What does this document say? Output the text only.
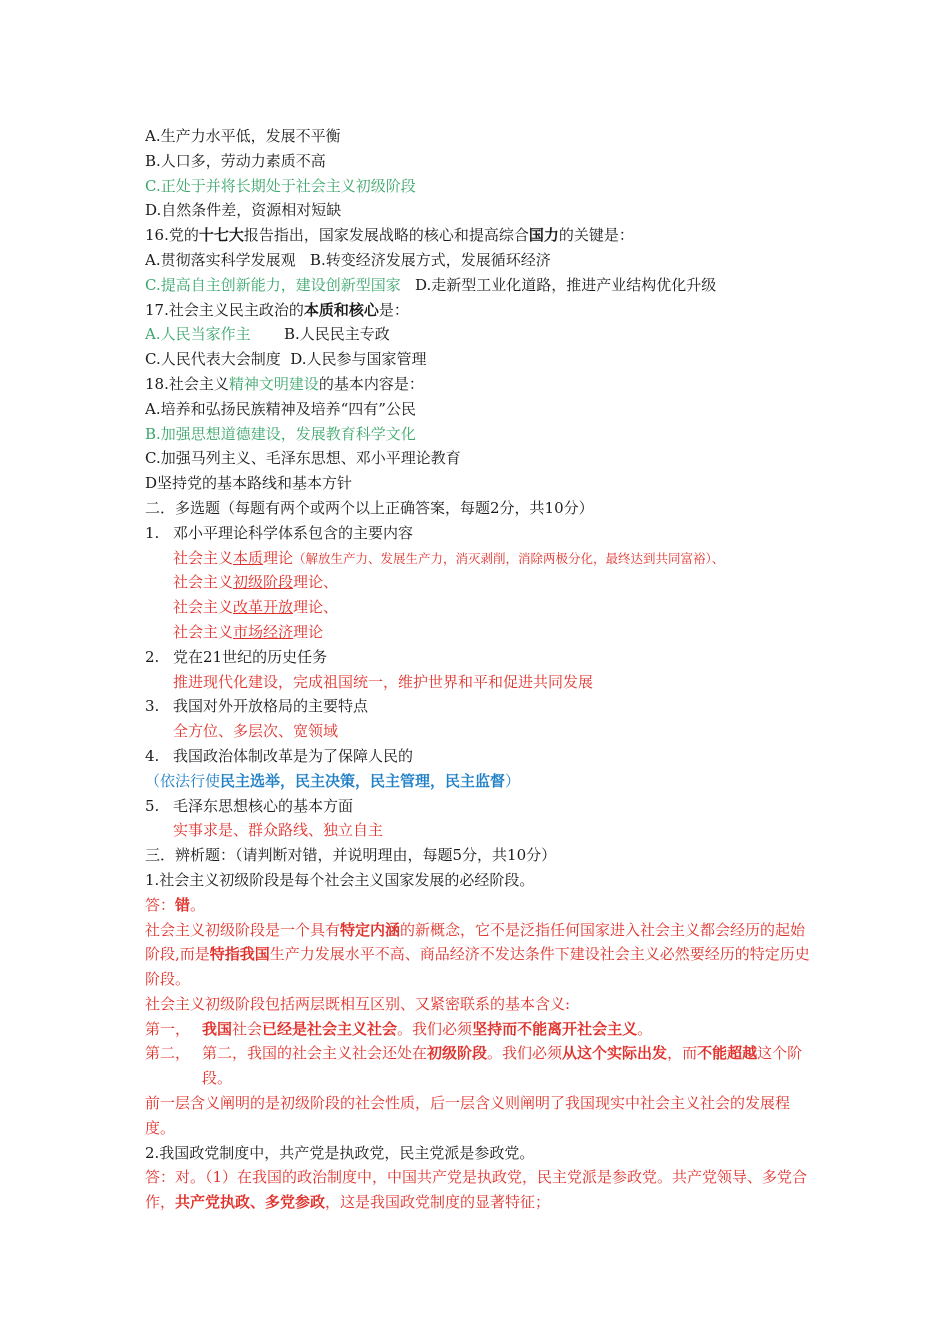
A.生产力水平低，发展不平衡
B.人口多，劳动力素质不高
C.正处于并将长期处于社会主义初级阶段
D.自然条件差，资源相对短缺
16.党的十七大报告指出，国家发展战略的核心和提高综合国力的关键是：
A.贯彻落实科学发展观 B.转变经济发展方式，发展循环经济
C.提高自主创新能力，建设创新型国家 D.走新型工业化道路，推进产业结构优化升级
17.社会主义民主政治的本质和核心是：
A.人民当家作主 B.人民民主专政
C.人民代表大会制度 D.人民参与国家管理
18.社会主义精神文明建设的基本内容是：
A.培养和弘扬民族精神及培养“四有”公民
B.加强思想道德建设，发展教育科学文化
C.加强马列主义、毛泽东思想、邓小平理论教育
D坚持党的基本路线和基本方针
二．多选题（每题有两个或两个以上正确答案，每题2分，共10分）
1. 邓小平理论科学体系包含的主要内容
社会主义本质理论（解放生产力、发展生产力，消灭剥削，消除两极分化，最终达到共同富裕）、
社会主义初级阶段理论、
社会主义改革开放理论、
社会主义市场经济理论
2. 党在21世纪的历史任务
推进现代化建设，完成祖国统一，维护世界和平和促进共同发展
3. 我国对外开放格局的主要特点
全方位、多层次、宽领域
4. 我国政治体制改革是为了保障人民的
（依法行使民主选举，民主决策，民主管理，民主监督）
5. 毛泽东思想核心的基本方面
实事求是、群众路线、独立自主
三．辨析题：（请判断对错，并说明理由，每题5分，共10分）
1.社会主义初级阶段是每个社会主义国家发展的必经阶段。
答：错。
社会主义初级阶段是一个具有特定内涵的新概念，它不是泛指任何国家进入社会主义都会经历的起始阶段,而是特指我国生产力发展水平不高、商品经济不发达条件下建设社会主义必然要经历的特定历史阶段。
社会主义初级阶段包括两层既相互区别、又紧密联系的基本含义:
第一， 我国社会已经是社会主义社会。我们必须坚持而不能离开社会主义。
第二， 第二，我国的社会主义社会还处在初级阶段。我们必须从这个实际出发，而不能超越这个阶段。
前一层含义阐明的是初级阶段的社会性质，后一层含义则阐明了我国现实中社会主义社会的发展程度。
2.我国政党制度中，共产党是执政党，民主党派是参政党。
答：对。（1）在我国的政治制度中，中国共产党是执政党，民主党派是参政党。共产党领导、多党合作，共产党执政、多党参政，这是我国政党制度的显著特征；
